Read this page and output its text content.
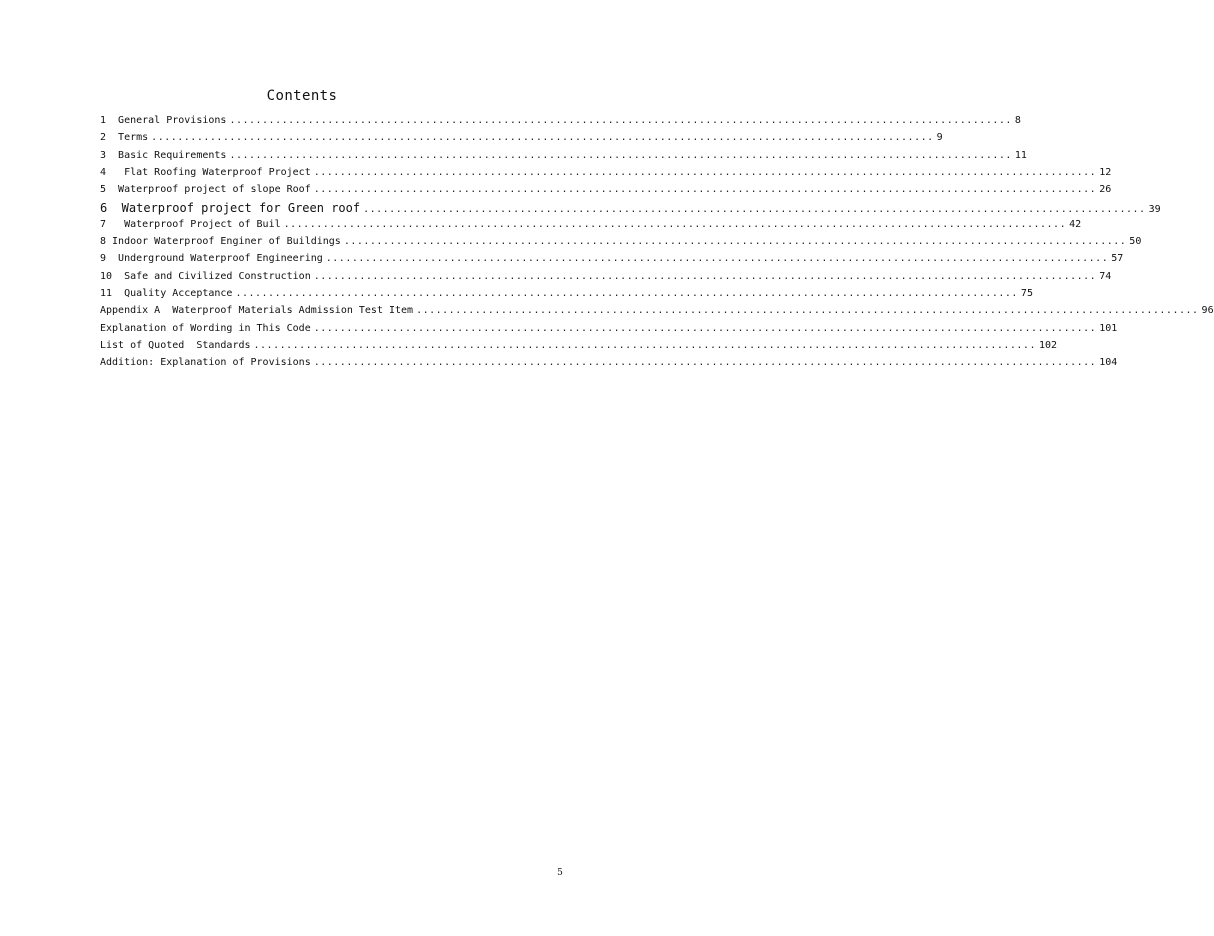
Contents
1  General Provisions ........................................................................................................................ 8
2  Terms ........................................................................................................................ 9
3  Basic Requirements ........................................................................................................................ 11
4   Flat Roofing Waterproof Project ........................................................................................................................ 12
5  Waterproof project of slope Roof ........................................................................................................................ 26
6  Waterproof project for Green roof ........................................................................................................................ 39
7   Waterproof Project of Buil ........................................................................................................................ 42
8 Indoor Waterproof Enginer of Buildings ........................................................................................................................ 50
9  Underground Waterproof Engineering ........................................................................................................................ 57
10  Safe and Civilized Construction ........................................................................................................................ 74
11  Quality Acceptance ........................................................................................................................ 75
Appendix A  Waterproof Materials Admission Test Item ........................................................................................................................ 96
Explanation of Wording in This Code ........................................................................................................................ 101
List of Quoted  Standards ........................................................................................................................ 102
Addition: Explanation of Provisions ........................................................................................................................ 104
5
